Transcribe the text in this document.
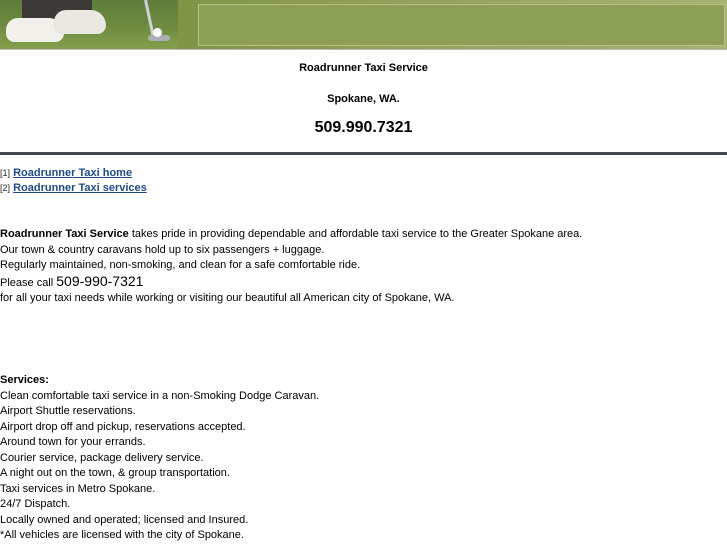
Roadrunner Taxi Service
Spokane, WA.
509.990.7321
[1] Roadrunner Taxi home
[2] Roadrunner Taxi services
Roadrunner Taxi Service takes pride in providing dependable and affordable taxi service to the Greater Spokane area.
Our town & country caravans hold up to six passengers + luggage.
Regularly maintained, non-smoking, and clean for a safe comfortable ride.
Please call 509-990-7321
for all your taxi needs while working or visiting our beautiful all American city of Spokane, WA.
Services:
Clean comfortable taxi service in a non-Smoking Dodge Caravan.
Airport Shuttle reservations.
Airport drop off and pickup, reservations accepted.
Around town for your errands.
Courier service, package delivery service.
A night out on the town, & group transportation.
Taxi services in Metro Spokane.
24/7 Dispatch.
Locally owned and operated; licensed and Insured.
*All vehicles are licensed with the city of Spokane.
